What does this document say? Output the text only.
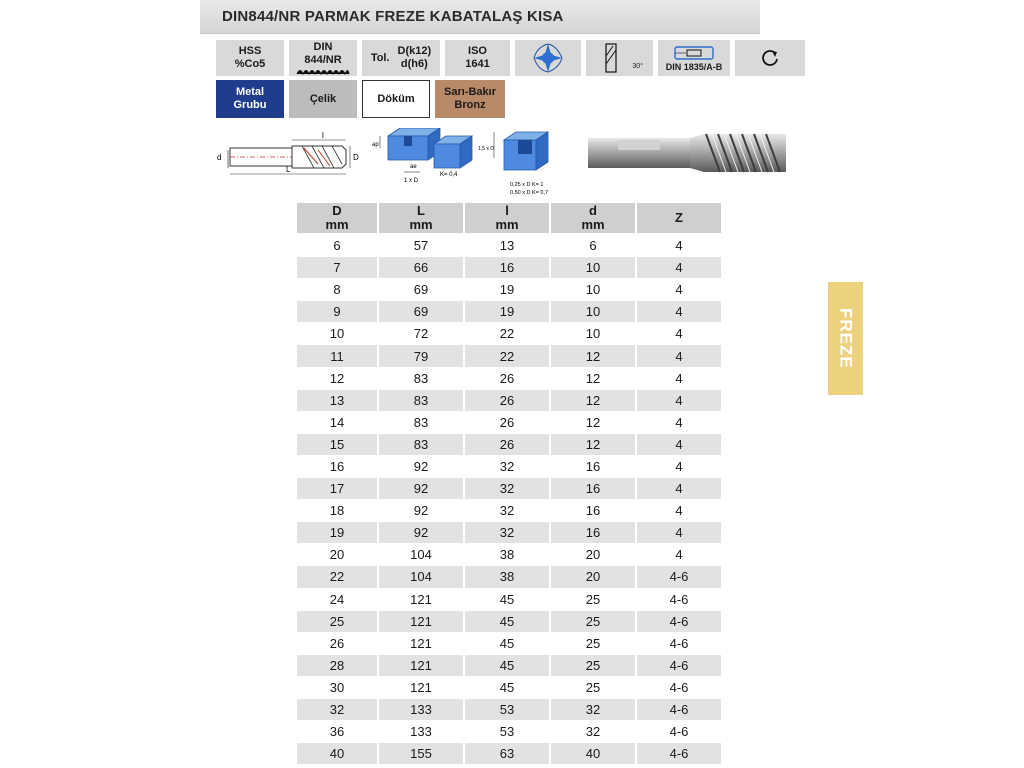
DIN844/NR PARMAK FREZE KABATALAŞ KISA
HSS
%Co5
DIN
844/NR	Tol.
D(k12)
d(h6)
ISO
1641	30°	DIN 1835/A-B
Metal
Grubu
Çelik	Döküm
Sarı-Bakır
Bronz
l
d	D
L
ap
ae
1 x D
K= 0,4
1,5 x D
0,25 x D K= 1
0,50 x D K= 0,7
D
mm	L
mm	l
mm	d
mm	Z
6	57	13	6	4
7	66	16	10	4
8	69	19	10	4
9	69	19	10	4
10	72	22	10	4
11	79	22	12	4
12	83	26	12	4
13	83	26	12	4
14	83	26	12	4
15	83	26	12	4
16	92	32	16	4
17	92	32	16	4
18	92	32	16	4
19	92	32	16	4
20	104	38	20	4
22	104	38	20	4-6
24	121	45	25	4-6
25	121	45	25	4-6
26	121	45	25	4-6
28	121	45	25	4-6
30	121	45	25	4-6
32	133	53	32	4-6
36	133	53	32	4-6
40	155	63	40	4-6
FREZE
